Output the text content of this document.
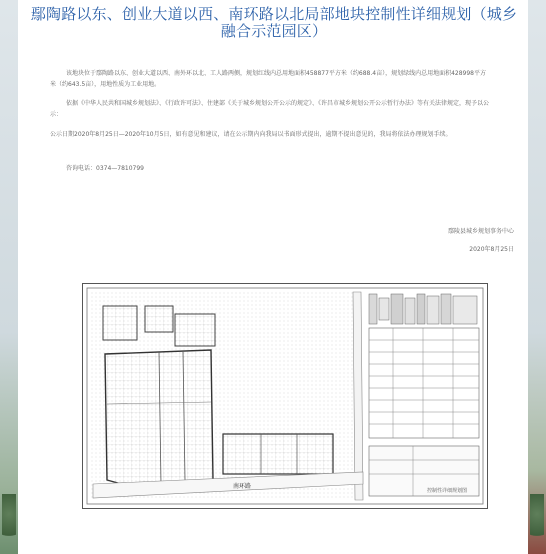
鄢陶路以东、创业大道以西、南环路以北局部地块控制性详细规划（城乡融合示范园区）
该地块位于鄢陶路以东、创业大道以西、南外环以北、工人路两侧，规划红线内总用地面积458877平方米（约688.4亩），规划绿线内总用地面积428998平方米（约643.5亩），用地性质为工业用地。
依据《中华人民共和国城乡规划法》、《行政许可法》、住建部《关于城乡规划公开公示的规定》、《许昌市城乡规划公开公示暂行办法》等有关法律规定，现予以公示：
公示日期2020年8月25日—2020年10月5日，如有意见和建议，请在公示期内向我局以书面形式提出，逾期不提出意见的，我局将依法办理规划手续。
咨询电话：0374—7810799
鄢陵县城乡规划事务中心
2020年8月25日
南环路
控制性详细规划图
